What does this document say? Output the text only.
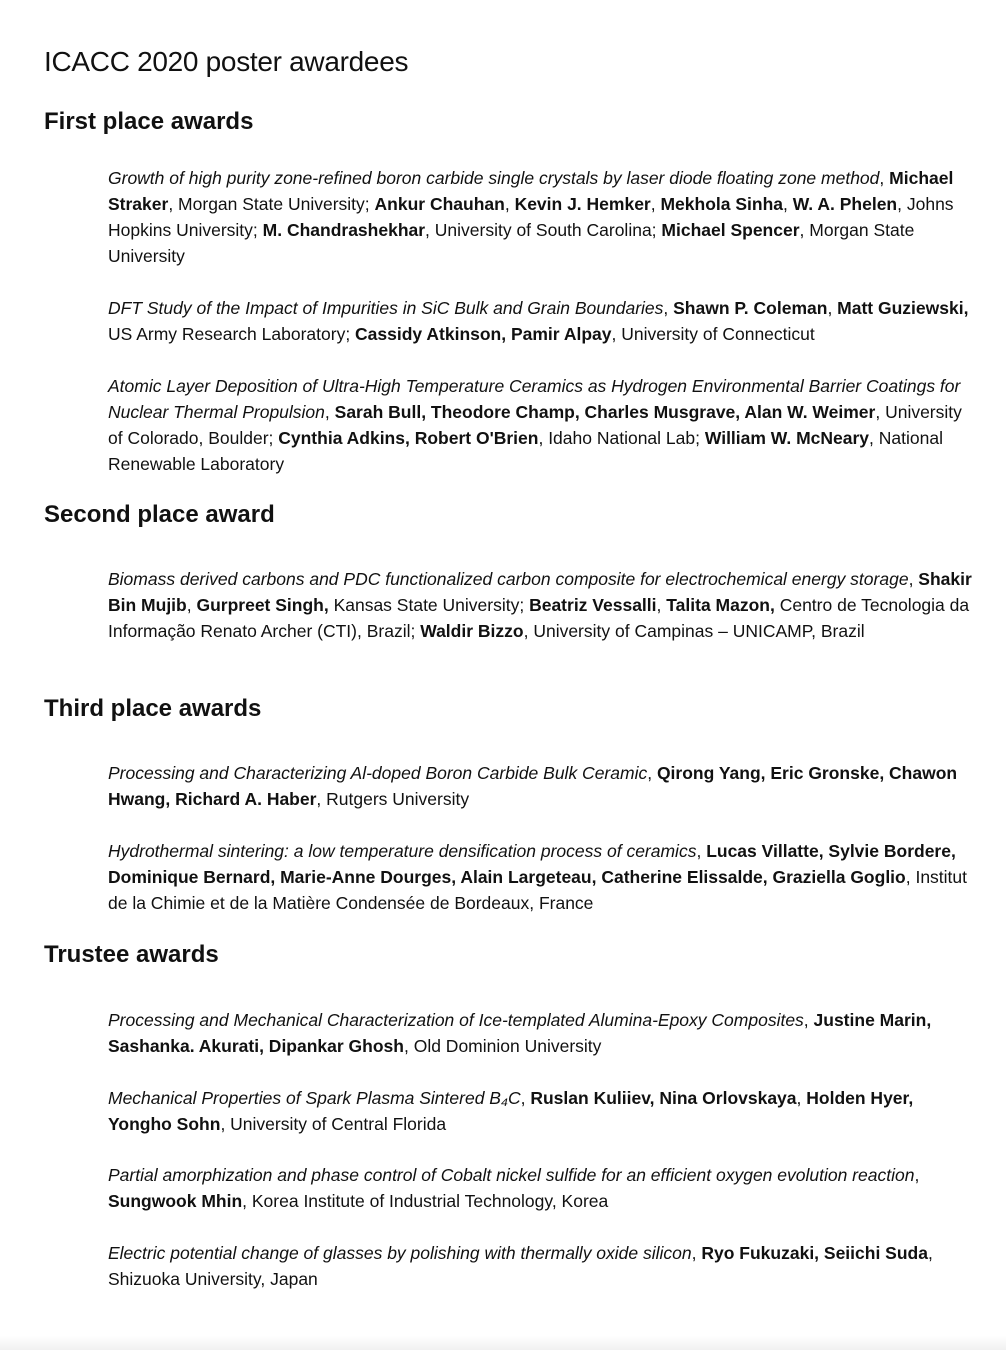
ICACC 2020 poster awardees
First place awards

Growth of high purity zone-refined boron carbide single crystals by laser diode floating zone method, Michael Straker, Morgan State University; Ankur Chauhan, Kevin J. Hemker, Mekhola Sinha, W. A. Phelen, Johns Hopkins University; M. Chandrashekhar, University of South Carolina; Michael Spencer, Morgan State University

DFT Study of the Impact of Impurities in SiC Bulk and Grain Boundaries, Shawn P. Coleman, Matt Guziewski, US Army Research Laboratory; Cassidy Atkinson, Pamir Alpay, University of Connecticut

Atomic Layer Deposition of Ultra-High Temperature Ceramics as Hydrogen Environmental Barrier Coatings for Nuclear Thermal Propulsion, Sarah Bull, Theodore Champ, Charles Musgrave, Alan W. Weimer, University of Colorado, Boulder; Cynthia Adkins, Robert O'Brien, Idaho National Lab; William W. McNeary, National Renewable Laboratory

Second place award

Biomass derived carbons and PDC functionalized carbon composite for electrochemical energy storage, Shakir Bin Mujib, Gurpreet Singh, Kansas State University; Beatriz Vessalli, Talita Mazon, Centro de Tecnologia da Informação Renato Archer (CTI), Brazil; Waldir Bizzo, University of Campinas – UNICAMP, Brazil

Third place awards

Processing and Characterizing Al-doped Boron Carbide Bulk Ceramic, Qirong Yang, Eric Gronske, Chawon Hwang, Richard A. Haber, Rutgers University

Hydrothermal sintering: a low temperature densification process of ceramics, Lucas Villatte, Sylvie Bordere, Dominique Bernard, Marie-Anne Dourges, Alain Largeteau, Catherine Elissalde, Graziella Goglio, Institut de la Chimie et de la Matière Condensée de Bordeaux, France

Trustee awards

Processing and Mechanical Characterization of Ice-templated Alumina-Epoxy Composites, Justine Marin, Sashanka. Akurati, Dipankar Ghosh, Old Dominion University

Mechanical Properties of Spark Plasma Sintered B₄C, Ruslan Kuliiev, Nina Orlovskaya, Holden Hyer, Yongho Sohn, University of Central Florida

Partial amorphization and phase control of Cobalt nickel sulfide for an efficient oxygen evolution reaction, Sungwook Mhin, Korea Institute of Industrial Technology, Korea

Electric potential change of glasses by polishing with thermally oxide silicon, Ryo Fukuzaki, Seiichi Suda, Shizuoka University, Japan
